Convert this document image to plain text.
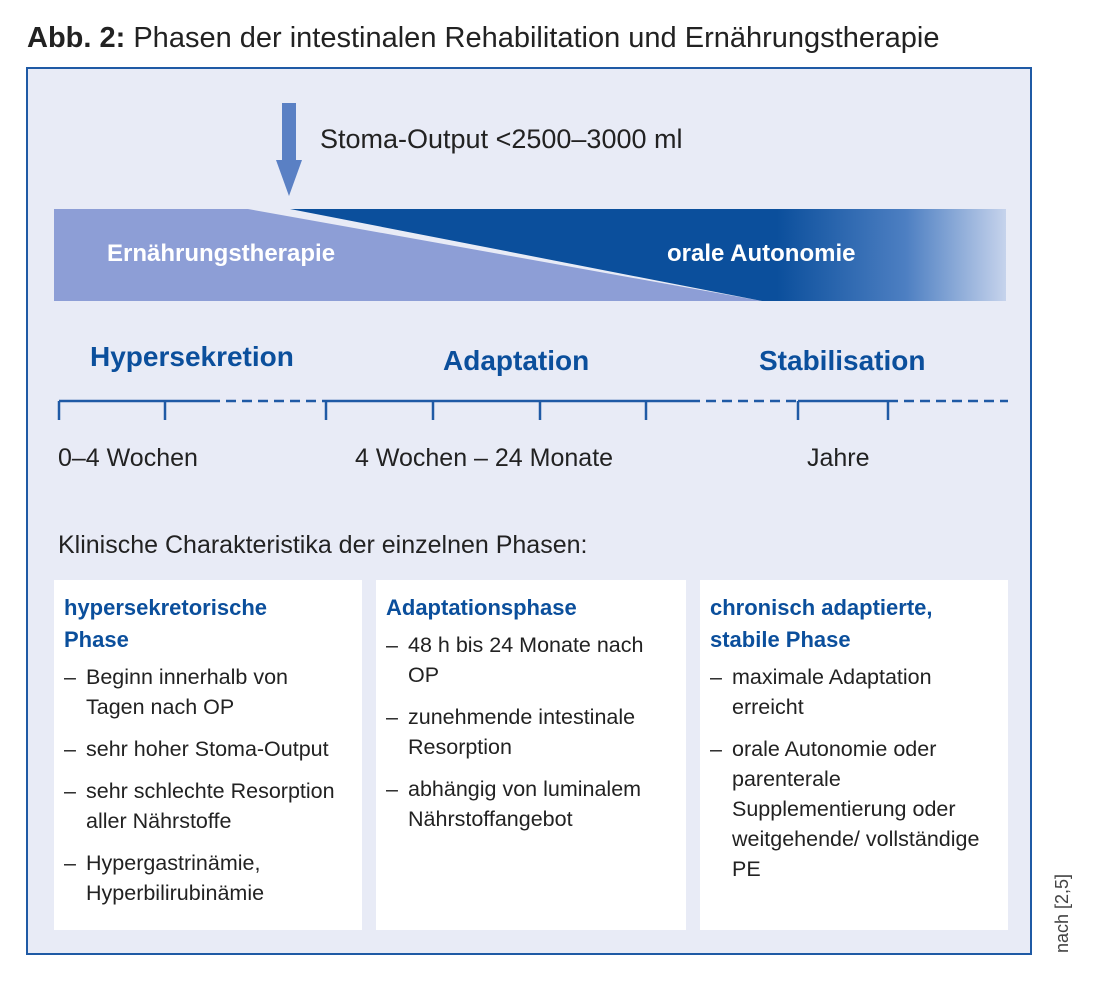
Abb. 2: Phasen der intestinalen Rehabilitation und Ernährungstherapie
Stoma-Output <2500–3000 ml
Ernährungstherapie	orale Autonomie
Hypersekretion	Adaptation	Stabilisation
0–4 Wochen	4 Wochen – 24 Monate	Jahre
Klinische Charakteristika der einzelnen Phasen:
hypersekretorische
Phase
– Beginn innerhalb von Tagen nach OP
– sehr hoher Stoma-Output
– sehr schlechte Resorption aller Nährstoffe
– Hypergastrinämie, Hyperbilirubinämie
Adaptationsphase
– 48 h bis 24 Monate nach OP
– zunehmende intestinale Resorption
– abhängig von luminalem Nährstoffangebot
chronisch adaptierte,
stabile Phase
– maximale Adaptation erreicht
– orale Autonomie oder parenterale Supplementierung oder weitgehende/ vollständige PE
nach [2,5]
